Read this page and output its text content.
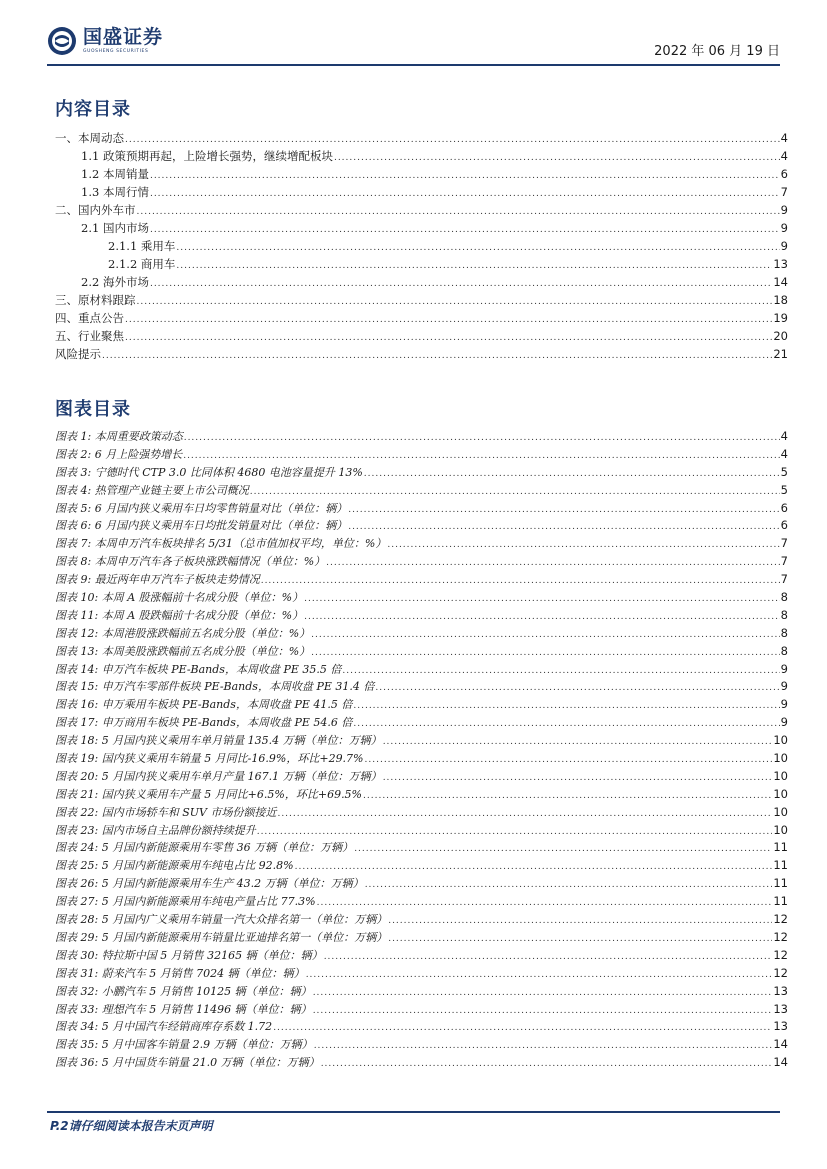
国盛证券
GUOSHENG SECURITIES	2022 年 06 月 19 日
内容目录
一、本周动态 .....	4
1.1 政策预期再起，上险增长强势，继续增配板块 .....	4
1.2 本周销量 .....	6
1.3 本周行情 .....	7
二、国内外车市 .....	9
2.1 国内市场 .....	9
2.1.1 乘用车 .....	9
2.1.2 商用车 .....	13
2.2 海外市场 .....	14
三、原材料跟踪 .....	18
四、重点公告 .....	19
五、行业聚焦 .....	20
风险提示 .....	21
图表目录
图表 1: 本周重要政策动态 .....	4
图表 2: 6 月上险强势增长 .....	4
图表 3: 宁德时代 CTP 3.0 比同体积 4680 电池容量提升 13% .....	5
图表 4: 热管理产业链主要上市公司概况 .....	5
图表 5: 6 月国内狭义乘用车日均零售销量对比（单位：辆） .....	6
图表 6: 6 月国内狭义乘用车日均批发销量对比（单位：辆） .....	6
图表 7: 本周申万汽车板块排名 5/31（总市值加权平均，单位：%） .....	7
图表 8: 本周申万汽车各子板块涨跌幅情况（单位：%） .....	7
图表 9: 最近两年申万汽车子板块走势情况 .....	7
图表 10: 本周 A 股涨幅前十名成分股（单位：%） .....	8
图表 11: 本周 A 股跌幅前十名成分股（单位：%） .....	8
图表 12: 本周港股涨跌幅前五名成分股（单位：%） .....	8
图表 13: 本周美股涨跌幅前五名成分股（单位：%） .....	8
图表 14: 申万汽车板块 PE-Bands，本周收盘 PE 35.5 倍 .....	9
图表 15: 申万汽车零部件板块 PE-Bands，本周收盘 PE 31.4 倍 .....	9
图表 16: 申万乘用车板块 PE-Bands，本周收盘 PE 41.5 倍 .....	9
图表 17: 申万商用车板块 PE-Bands，本周收盘 PE 54.6 倍 .....	9
图表 18: 5 月国内狭义乘用车单月销量 135.4 万辆（单位：万辆） .....	10
图表 19: 国内狭义乘用车销量 5 月同比-16.9%，环比+29.7% .....	10
图表 20: 5 月国内狭义乘用车单月产量 167.1 万辆（单位：万辆） .....	10
图表 21: 国内狭义乘用车产量 5 月同比+6.5%，环比+69.5% .....	10
图表 22: 国内市场轿车和 SUV 市场份额接近 .....	10
图表 23: 国内市场自主品牌份额持续提升 .....	10
图表 24: 5 月国内新能源乘用车零售 36 万辆（单位：万辆） .....	11
图表 25: 5 月国内新能源乘用车纯电占比 92.8% .....	11
图表 26: 5 月国内新能源乘用车生产 43.2 万辆（单位：万辆） .....	11
图表 27: 5 月国内新能源乘用车纯电产量占比 77.3% .....	11
图表 28: 5 月国内广义乘用车销量一汽大众排名第一（单位：万辆） .....	12
图表 29: 5 月国内新能源乘用车销量比亚迪排名第一（单位：万辆） .....	12
图表 30: 特拉斯中国 5 月销售 32165 辆（单位：辆） .....	12
图表 31: 蔚来汽车 5 月销售 7024 辆（单位：辆） .....	12
图表 32: 小鹏汽车 5 月销售 10125 辆（单位：辆） .....	13
图表 33: 理想汽车 5 月销售 11496 辆（单位：辆） .....	13
图表 34: 5 月中国汽车经销商库存系数 1.72 .....	13
图表 35: 5 月中国客车销量 2.9 万辆（单位：万辆） .....	14
图表 36: 5 月中国货车销量 21.0 万辆（单位：万辆） .....	14
P.2请仔细阅读本报告末页声明
